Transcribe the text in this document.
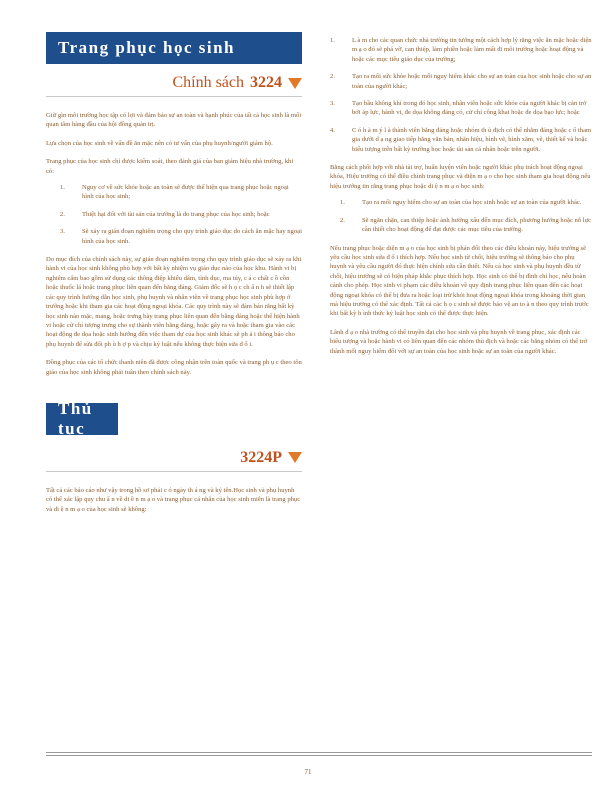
Trang phục học sinh
Chính sách 3224

Giữ gìn môi trường học tập có lợi và đảm bảo sự an toàn và hạnh phúc của tất cả học sinh là mối quan tâm hàng đầu của hội đồng quản trị.

Lựa chọn của học sinh về vấn đề ăn mặc nên có tư vấn của phụ huynh/người giám hộ.

Trang phục của học sinh chỉ được kiểm soát, theo đánh giá của ban giám hiệu nhà trường, khi có:

1.	Nguy cơ về sức khỏe hoặc an toàn sẽ được thể hiện qua trang phục hoặc ngoại hình của học sinh;
2.	Thiệt hại đối với tài sản của trường là do trang phục của học sinh; hoặc
3.	Sẽ xảy ra gián đoạn nghiêm trọng cho quy trình giáo dục do cách ăn mặc hay ngoại hình của học sinh.

Do mục đích của chính sách này, sự gián đoạn nghiêm trọng cho quy trình giáo dục sẽ xảy ra khi hành vi của học sinh không phù hợp với bất kỳ nhiệm vụ giáo dục nào của học khu. Hành vi bị nghiêm cấm bao gồm sử dụng các thông điệp khiêu dâm, tình dục, ma túy, c á c chất c ồ cồn hoặc thuốc lá hoặc trang phục liên quan đến băng đảng. Giám đốc sẽ h ọ c ch ấ n h sẽ thiết lập các quy trình hướng dẫn học sinh, phụ huynh và nhân viên về trang phục học sinh phù hợp ở trường hoặc khi tham gia các hoạt động ngoại khóa. Các quy trình này sẽ đảm bảo rằng bất kỳ học sinh nào mặc, mang, hoặc trưng bày trang phục liên quan đến băng đảng hoặc thể hiện hành vi hoặc cử chỉ tượng trưng cho sự thành viên băng đảng, hoặc gây ra và hoặc tham gia vào các hoạt động đe dọa hoặc sinh hướng đến việc tham dự của học sinh khác sẽ ph ả i thông báo cho phụ huynh để sửa đổi ph ù h ợ p và chịu kỷ luật nếu không thực hiện sửa đ ổ i.

Đồng phục của các tổ chức thanh niên đã được công nhận trên toàn quốc và trang ph ụ c theo tôn giáo của học sinh không phải tuân theo chính sách này.

Thủ tục
3224P

Tất cả các báo cáo như vậy trong hồ sơ phải c ó ngày th á ng và ký tên.Học sinh và phụ huynh có thể xác lập quy chu ẩ n về di ề n m ạ o và trang phục cá nhân của học sinh miễn là trang phục và di ệ n m ạ o của học sinh sẽ không:

1.	L à m cho các quan chức nhà trường tin tưởng một cách hợp lý rằng việc ăn mặc hoặc diện m ạ o đó sẽ phá vỡ, can thiệp, làm phiền hoặc làm mất đi môi trường hoặc hoạt động và hoặc các mục tiêu giáo dục của trường;
2.	Tạo ra mối sức khỏe hoặc mối nguy hiểm khác cho sự an toàn của học sinh hoặc cho sự an toàn của người khác;
3.	Tạo bầu không khí trong đó học sinh, nhân viên hoặc sức khỏe của người khác bị cản trở bởi áp lực, hành vi, đe dọa không đáng có, cử chỉ công khai hoặc đe dọa bạo lực; hoặc
4.	C ó h à m ý l à thành viên băng đảng hoặc nhóm th ù địch có thể nhằm đáng hoặc c ổ tham gia dưới d ạ ng giao tiếp bằng văn bản, nhãn hiệu, hình vẽ, hình xăm, vẽ, thiết kế và hoặc biểu tượng trên bất kỳ trường học hoặc tài sản cá nhân hoặc trên người.

Bằng cách phối hợp với nhà tài trợ, huấn luyện viên hoặc người khác phụ trách hoạt động ngoại khóa, Hiệu trưởng có thể điều chỉnh trang phục và diện m ạ o cho học sinh tham gia hoạt động nếu hiệu trưởng tin rằng trang phục hoặc di ệ n m ạ o học sinh:

1.	Tạo ra mối nguy hiểm cho sự an toàn của học sinh hoặc sự an toàn của người khác.
2.	Sẽ ngăn chặn, can thiệp hoặc ảnh hưởng xấu đến mục đích, phương hướng hoặc nỗ lực cần thiết cho hoạt động để đạt được các mục tiêu của trường.

Nếu trang phục hoặc diện m ạ o của học sinh bị phản đối theo các điều khoản này, hiệu trưởng sẽ yêu cầu học sinh sửa đ ổ i thích hợp. Nếu học sinh từ chối, hiệu trưởng sẽ thông báo cho phụ huynh và yêu cầu người đó thực hiện chỉnh sửa cần thiết. Nếu cả học sinh và phụ huynh đều từ chối, hiệu trưởng sẽ có biện pháp khắc phục thích hợp. Học sinh có thể bị đình chỉ học, nếu hoàn cảnh cho phép. Học sinh vi phạm các điều khoản về quy định trang phục liên quan đến các hoạt động ngoại khóa có thể bị đưa ra hoặc loại trừ khỏi hoạt động ngoại khóa trong khoảng thời gian mà hiệu trưởng có thể xác định. Tất cả các h ọ c sinh sẽ được bảo vệ an to à n theo quy trình trước khi bất kỳ h ình thức kỷ luật học sinh có thể được thực hiện.

Lãnh đ ạ o nhà trường có thể truyền đạt cho học sinh và phụ huynh về trang phục, xác định các biểu tượng và hoặc hành vi có liên quan đến các nhóm thù địch và hoặc các băng nhóm có thể trở thành mối nguy hiểm đối với sự an toàn của học sinh hoặc sự an toàn của người khác.

71
